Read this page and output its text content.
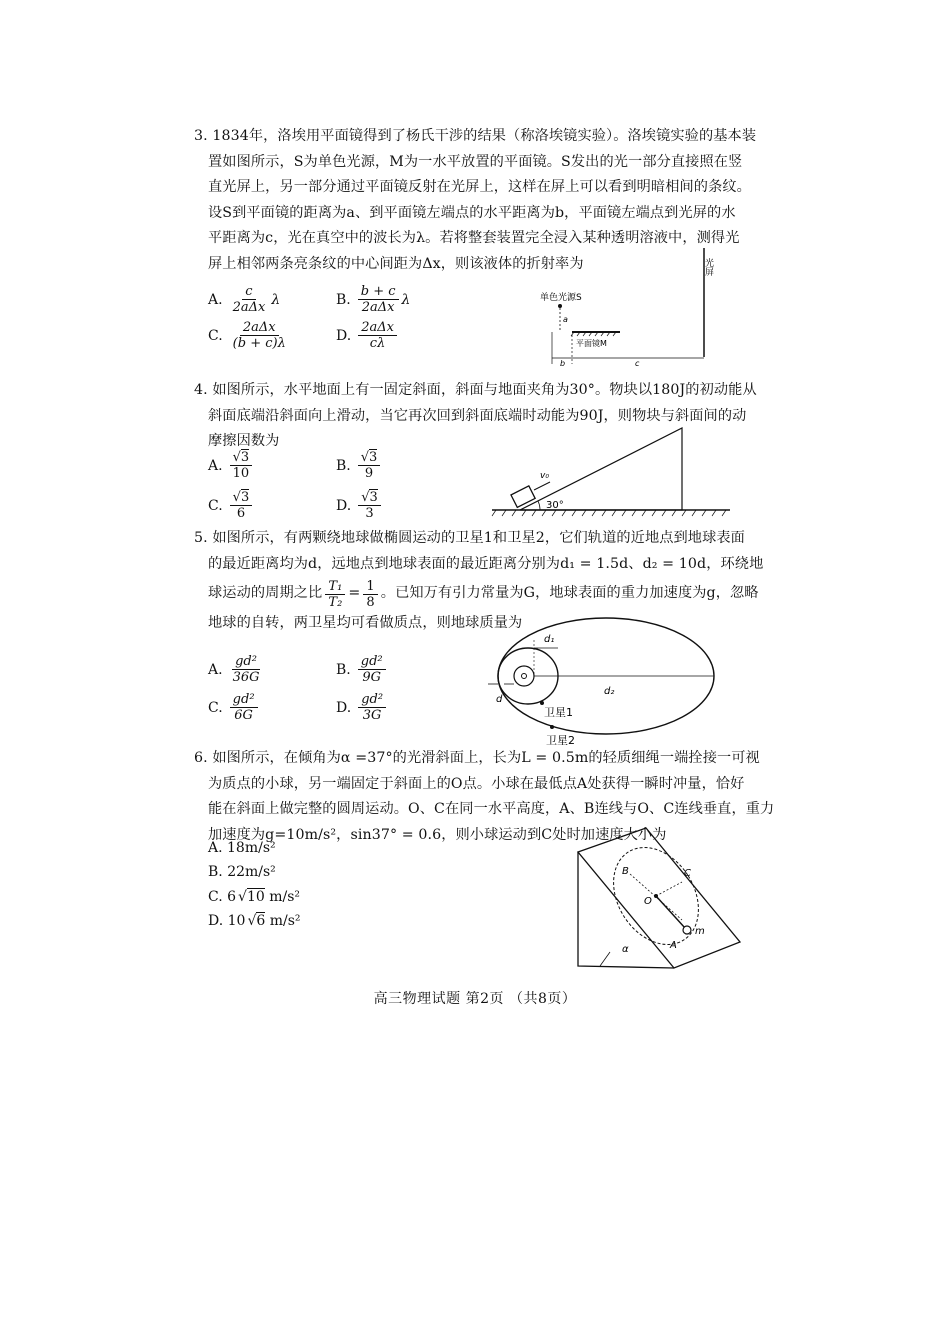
3. 1834年，洛埃用平面镜得到了杨氏干涉的结果（称洛埃镜实验）。洛埃镜实验的基本装
置如图所示，S为单色光源，M为一水平放置的平面镜。S发出的光一部分直接照在竖
直光屏上，另一部分通过平面镜反射在光屏上，这样在屏上可以看到明暗相间的条纹。
设S到平面镜的距离为a、到平面镜左端点的水平距离为b，平面镜左端点到光屏的水
平距离为c，光在真空中的波长为λ。若将整套装置完全浸入某种透明溶液中，测得光
屏上相邻两条亮条纹的中心间距为Δx，则该液体的折射率为
A. $\frac{c}{\text{2aΔx}}$ λ	B. $\frac{b + c}{\text{2aΔx}}$ λ
C. $\frac{\text{2aΔx}}{(b + c)\lambda}$	D. $\frac{\text{2aΔx}}{c\lambda}$
光屏
单色光源S
a
平面镜M
b	c
4. 如图所示，水平地面上有一固定斜面，斜面与地面夹角为30°。物块以180J的初动能从
斜面底端沿斜面向上滑动，当它再次回到斜面底端时动能为90J，则物块与斜面间的动
摩擦因数为
A. $\frac{√3}{10}$	B. $\frac{√3}{9}$
C. $\frac{√3}{6}$	D. $\frac{√3}{3}$
v₀
30°
5. 如图所示，有两颗绕地球做椭圆运动的卫星1和卫星2，它们轨道的近地点到地球表面
的最近距离均为d，远地点到地球表面的最近距离分别为d₁ = 1.5d、d₂ = 10d，环绕地
球运动的周期之比 $\frac{\text{T₁}}{\text{T₂}} = \frac{1}{8}$ 。已知万有引力常量为G，地球表面的重力加速度为g，忽略
地球的自转，两卫星均可看做质点，则地球质量为
A. $\frac{\text{gd²}}{36G}$	B. $\frac{\text{gd²}}{9G}$
C. $\frac{\text{gd²}}{6G}$	D. $\frac{\text{gd²}}{3G}$	d
d₁
d₂
卫星1
卫星2
6. 如图所示，在倾角为α =37°的光滑斜面上，长为L = 0.5m的轻质细绳一端拴接一可视
为质点的小球，另一端固定于斜面上的O点。小球在最低点A处获得一瞬时冲量，恰好
能在斜面上做完整的圆周运动。O、C在同一水平高度，A、B连线与O、C连线垂直，重力
加速度为g=10m/s²，sin37° = 0.6，则小球运动到C处时加速度大小为
A. 18m/s²
B. 22m/s²
C. 6 √ 10 m/s²
D. 10 √ 6 m/s²
α
B	C
O
A
m
高三物理试题 第2页 （共8页）
